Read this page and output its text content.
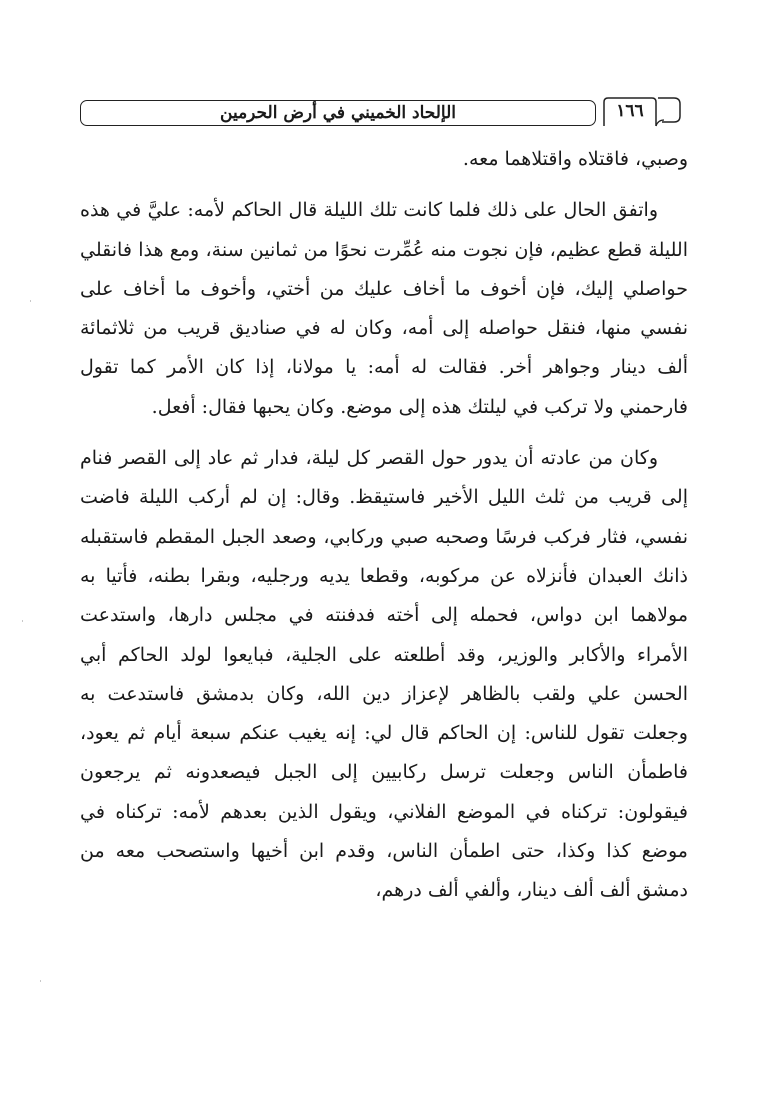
الإلحاد الخميني في أرض الحرمين	١٦٦

وصبي، فاقتلاه واقتلاهما معه.

واتفق الحال على ذلك فلما كانت تلك الليلة قال الحاكم لأمه: عليَّ في هذه الليلة قطع عظيم، فإن نجوت منه عُمِّرت نحوًا من ثمانين سنة، ومع هذا فانقلي حواصلي إليك، فإن أخوف ما أخاف عليك من أختي، وأخوف ما أخاف على نفسي منها، فنقل حواصله إلى أمه، وكان له في صناديق قريب من ثلاثمائة ألف دينار وجواهر أخر. فقالت له أمه: يا مولانا، إذا كان الأمر كما تقول فارحمني ولا تركب في ليلتك هذه إلى موضع. وكان يحبها فقال: أفعل.

وكان من عادته أن يدور حول القصر كل ليلة، فدار ثم عاد إلى القصر فنام إلى قريب من ثلث الليل الأخير فاستيقظ. وقال: إن لم أركب الليلة فاضت نفسي، فثار فركب فرسًا وصحبه صبي وركابي، وصعد الجبل المقطم فاستقبله ذانك العبدان فأنزلاه عن مركوبه، وقطعا يديه ورجليه، وبقرا بطنه، فأتيا به مولاهما ابن دواس، فحمله إلى أخته فدفنته في مجلس دارها، واستدعت الأمراء والأكابر والوزير، وقد أطلعته على الجلية، فبايعوا لولد الحاكم أبي الحسن علي ولقب بالظاهر لإعزاز دين الله، وكان بدمشق فاستدعت به وجعلت تقول للناس: إن الحاكم قال لي: إنه يغيب عنكم سبعة أيام ثم يعود، فاطمأن الناس وجعلت ترسل ركابيين إلى الجبل فيصعدونه ثم يرجعون فيقولون: تركناه في الموضع الفلاني، ويقول الذين بعدهم لأمه: تركناه في موضع كذا وكذا، حتى اطمأن الناس، وقدم ابن أخيها واستصحب معه من دمشق ألف ألف دينار، وألفي ألف درهم،
